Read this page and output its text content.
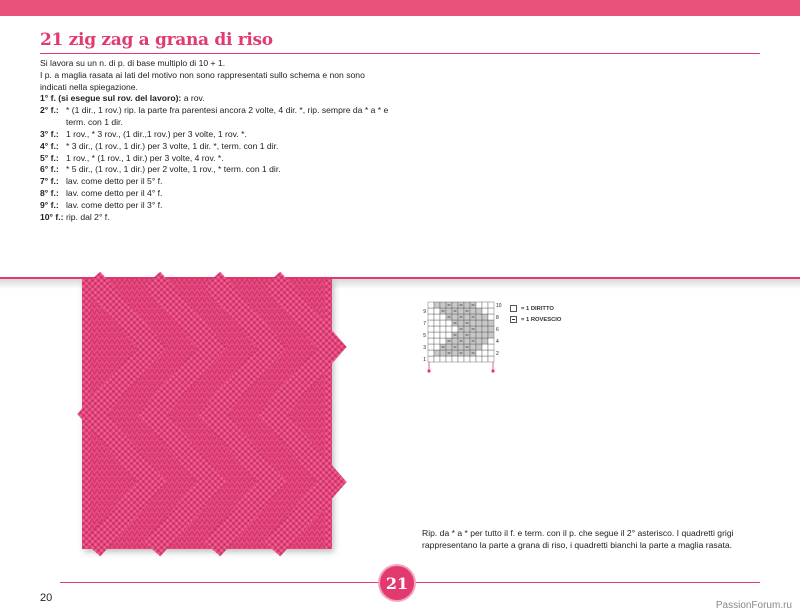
21 zig zag a grana di riso

Si lavora su un n. di p. di base multiplo di 10 + 1.

I p. a maglia rasata ai lati del motivo non sono rappresentati sullo schema e non sono indicati nella spiegazione.

1° f. (si esegue sul rov. del lavoro): a rov.
2° f.: * (1 dir., 1 rov.) rip. la parte fra parentesi ancora 2 volte, 4 dir. *, rip. sempre da * a * e term. con 1 dir.
3° f.: 1 rov., * 3 rov., (1 dir.,1 rov.) per 3 volte, 1 rov. *.
4° f.: * 3 dir., (1 rov., 1 dir.) per 3 volte, 1 dir. *, term. con 1 dir.
5° f.: 1 rov., * (1 rov., 1 dir.) per 3 volte, 4 rov. *.
6° f.: * 5 dir., (1 rov., 1 dir.) per 2 volte, 1 rov., * term. con 1 dir.
7° f.: lav. come detto per il 5° f.
8° f.: lav. come detto per il 4° f.
9° f.: lav. come detto per il 3° f.
10° f.: rip. dal 2° f.
9
7
5
3
1
10
8
6
4
2
= 1 DIRITTO
= 1 ROVESCIO
Rip. da * a * per tutto il f. e term. con il p. che segue il 2° asterisco. I quadretti grigi rappresentano la parte a grana di riso, i quadretti bianchi la parte a maglia rasata.
21
20
PassionForum.ru
